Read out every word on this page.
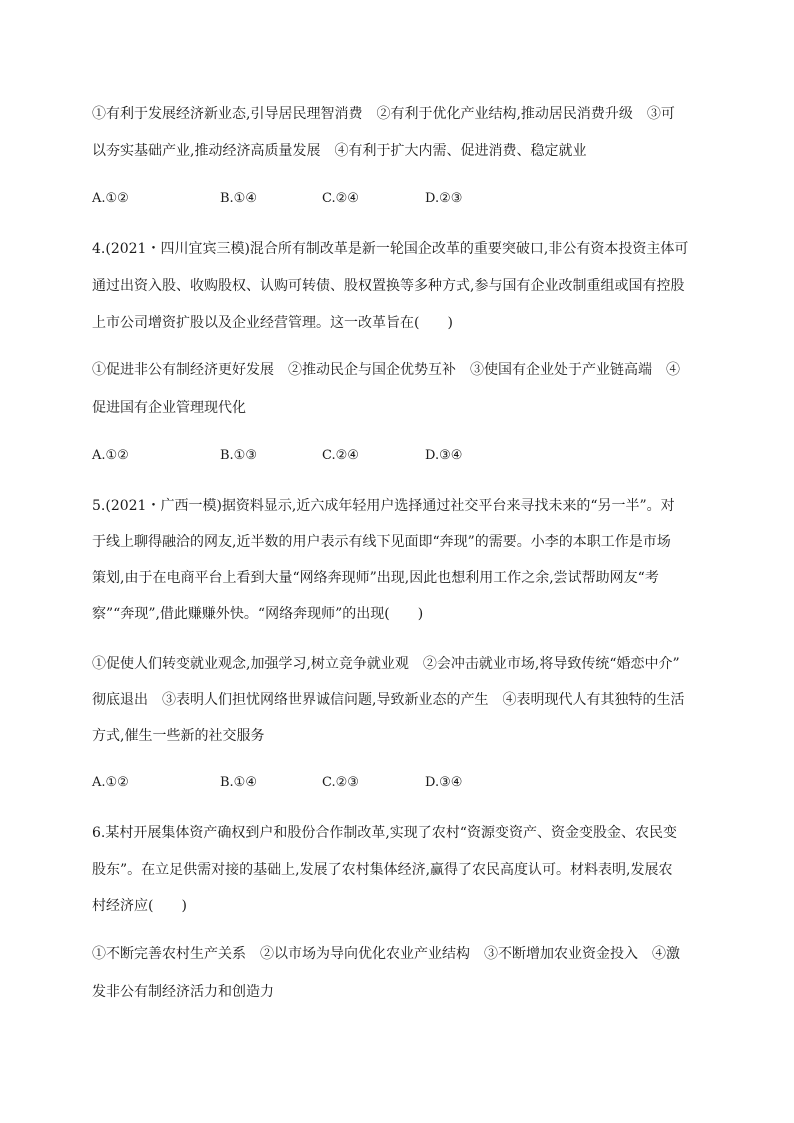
①有利于发展经济新业态,引导居民理智消费　②有利于优化产业结构,推动居民消费升级　③可
以夯实基础产业,推动经济高质量发展　④有利于扩大内需、促进消费、稳定就业
A.①②	B.①④	C.②④	D.②③
4.(2021・四川宜宾三模)混合所有制改革是新一轮国企改革的重要突破口,非公有资本投资主体可
通过出资入股、收购股权、认购可转债、股权置换等多种方式,参与国有企业改制重组或国有控股
上市公司增资扩股以及企业经营管理。这一改革旨在(　　)
①促进非公有制经济更好发展　②推动民企与国企优势互补　③使国有企业处于产业链高端　④
促进国有企业管理现代化
A.①②	B.①③	C.②④	D.③④
5.(2021・广西一模)据资料显示,近六成年轻用户选择通过社交平台来寻找未来的“另一半”。对
于线上聊得融洽的网友,近半数的用户表示有线下见面即“奔现”的需要。小李的本职工作是市场
策划,由于在电商平台上看到大量“网络奔现师”出现,因此也想利用工作之余,尝试帮助网友“考
察”“奔现”,借此赚赚外快。“网络奔现师”的出现(　　)
①促使人们转变就业观念,加强学习,树立竞争就业观　②会冲击就业市场,将导致传统“婚恋中介”
彻底退出　③表明人们担忧网络世界诚信问题,导致新业态的产生　④表明现代人有其独特的生活
方式,催生一些新的社交服务
A.①②	B.①④	C.②③	D.③④
6.某村开展集体资产确权到户和股份合作制改革,实现了农村“资源变资产、资金变股金、农民变
股东”。在立足供需对接的基础上,发展了农村集体经济,赢得了农民高度认可。材料表明,发展农
村经济应(　　)
①不断完善农村生产关系　②以市场为导向优化农业产业结构　③不断增加农业资金投入　④激
发非公有制经济活力和创造力
